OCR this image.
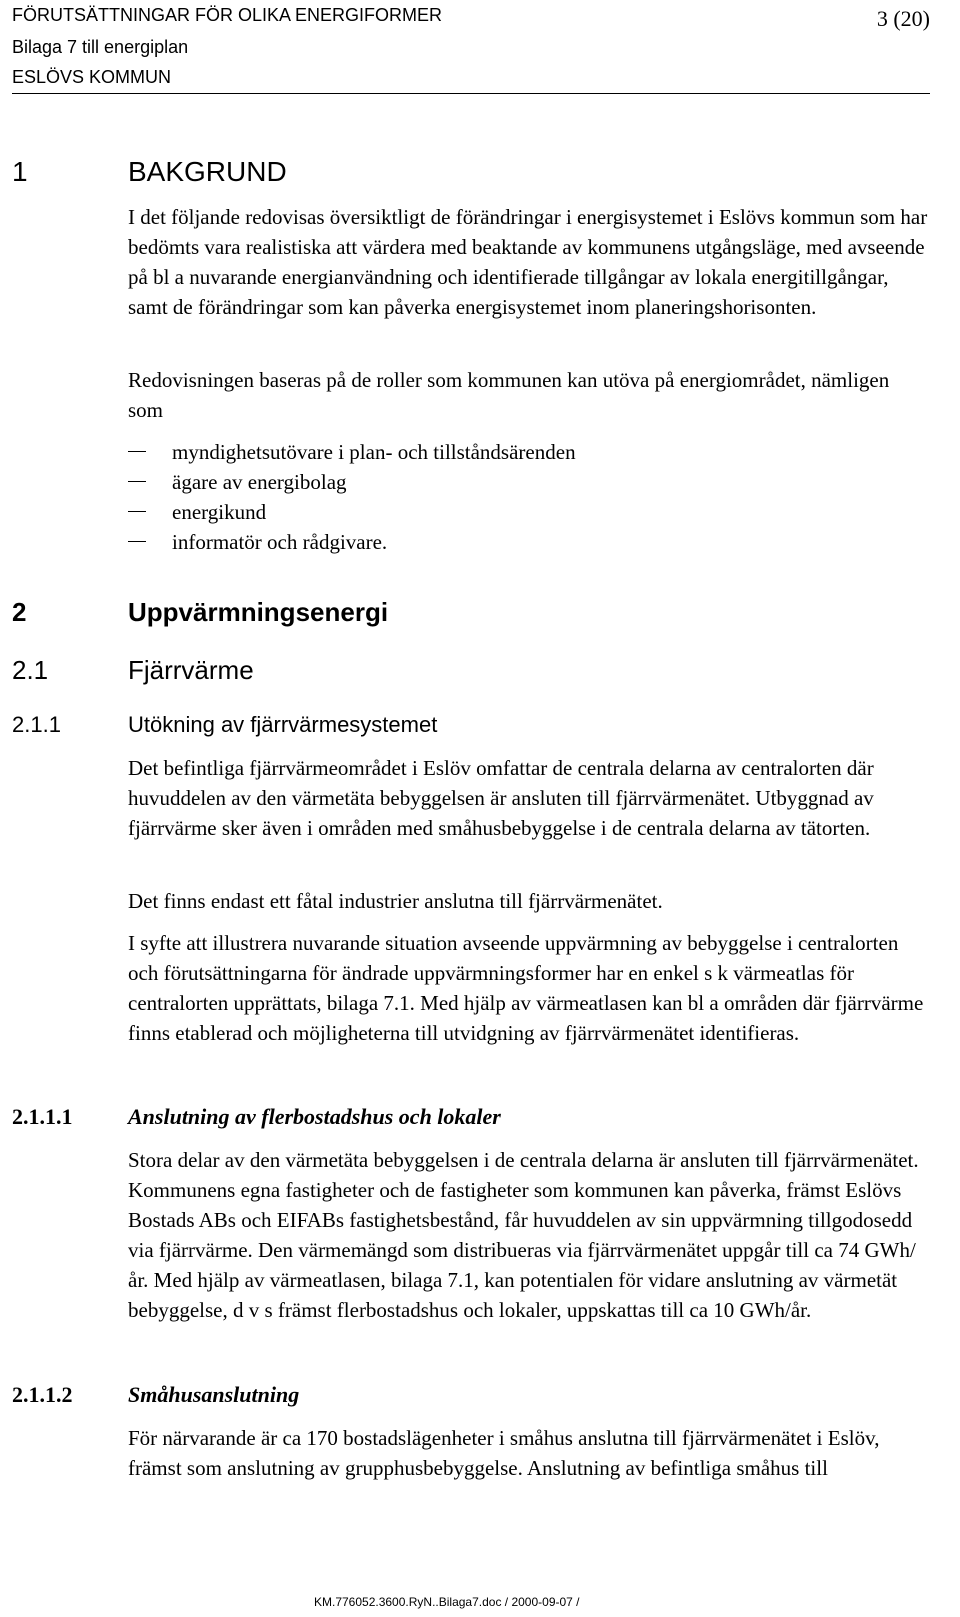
FÖRUTSÄTTNINGAR FÖR OLIKA ENERGIFORMER
Bilaga 7 till energiplan
ESLÖVS KOMMUN
3 (20)
1	BAKGRUND

I det följande redovisas översiktligt de förändringar i energisystemet i Eslövs kommun som har bedömts vara realistiska att värdera med beaktande av kommunens utgångsläge, med avseende på bl a nuvarande energianvändning och identifierade tillgångar av lokala energitillgångar, samt de förändringar som kan påverka energisystemet inom planeringshorisonten.

Redovisningen baseras på de roller som kommunen kan utöva på energiområdet, nämligen som

myndighetsutövare i plan- och tillståndsärenden
ägare av energibolag
energikund
informatör och rådgivare.
2	Uppvärmningsenergi
2.1	Fjärrvärme
2.1.1	Utökning av fjärrvärmesystemet

Det befintliga fjärrvärmeområdet i Eslöv omfattar de centrala delarna av centralorten där huvuddelen av den värmetäta bebyggelsen är ansluten till fjärrvärmenätet. Utbyggnad av fjärrvärme sker även i områden med småhusbebyggelse i de centrala delarna av tätorten.

Det finns endast ett fåtal industrier anslutna till fjärrvärmenätet.

I syfte att illustrera nuvarande situation avseende uppvärmning av bebyggelse i centralorten och förutsättningarna för ändrade uppvärmningsformer har en enkel s k värmeatlas för centralorten upprättats, bilaga 7.1. Med hjälp av värmeatlasen kan bl a områden där fjärrvärme finns etablerad och möjligheterna till utvidgning av fjärrvärmenätet identifieras.

2.1.1.1	Anslutning av flerbostadshus och lokaler

Stora delar av den värmetäta bebyggelsen i de centrala delarna är ansluten till fjärrvärmenätet. Kommunens egna fastigheter och de fastigheter som kommunen kan påverka, främst Eslövs Bostads ABs och EIFABs fastighetsbestånd, får huvuddelen av sin uppvärmning tillgodosedd via fjärrvärme. Den värmemängd som distribueras via fjärrvärmenätet uppgår till ca 74 GWh/år. Med hjälp av värmeatlasen, bilaga 7.1, kan potentialen för vidare anslutning av värmetät bebyggelse, d v s främst flerbostadshus och lokaler, uppskattas till ca 10 GWh/år.

2.1.1.2	Småhusanslutning

För närvarande är ca 170 bostadslägenheter i småhus anslutna till fjärrvärmenätet i Eslöv, främst som anslutning av grupphusbebyggelse. Anslutning av befintliga småhus till

KM.776052.3600.RyN..Bilaga7.doc / 2000-09-07 /
